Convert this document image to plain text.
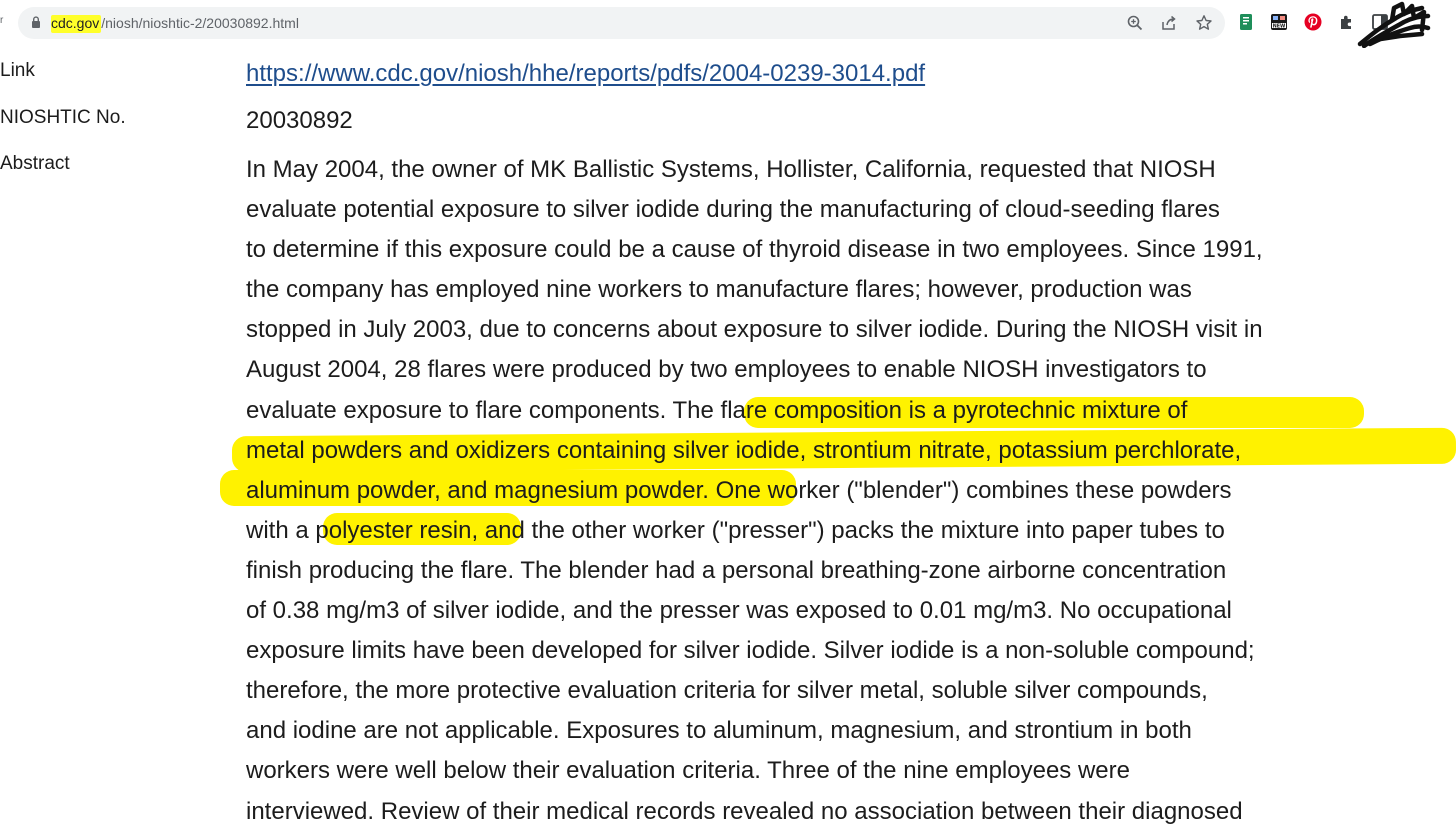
r	cdc.gov /niosh/nioshtic-2/20030892.html	NEW
Link	https://www.cdc.gov/niosh/hhe/reports/pdfs/2004-0239-3014.pdf
NIOSHTIC No.	20030892
Abstract	In May 2004, the owner of MK Ballistic Systems, Hollister, California, requested that NIOSH
evaluate potential exposure to silver iodide during the manufacturing of cloud-seeding flares
to determine if this exposure could be a cause of thyroid disease in two employees. Since 1991,
the company has employed nine workers to manufacture flares; however, production was
stopped in July 2003, due to concerns about exposure to silver iodide. During the NIOSH visit in
August 2004, 28 flares were produced by two employees to enable NIOSH investigators to
evaluate exposure to flare components. The flare composition is a pyrotechnic mixture of
metal powders and oxidizers containing silver iodide, strontium nitrate, potassium perchlorate,
aluminum powder, and magnesium powder. One worker ("blender") combines these powders
with a polyester resin, and the other worker ("presser") packs the mixture into paper tubes to
finish producing the flare. The blender had a personal breathing-zone airborne concentration
of 0.38 mg/m3 of silver iodide, and the presser was exposed to 0.01 mg/m3. No occupational
exposure limits have been developed for silver iodide. Silver iodide is a non-soluble compound;
therefore, the more protective evaluation criteria for silver metal, soluble silver compounds,
and iodine are not applicable. Exposures to aluminum, magnesium, and strontium in both
workers were well below their evaluation criteria. Three of the nine employees were
interviewed. Review of their medical records revealed no association between their diagnosed
